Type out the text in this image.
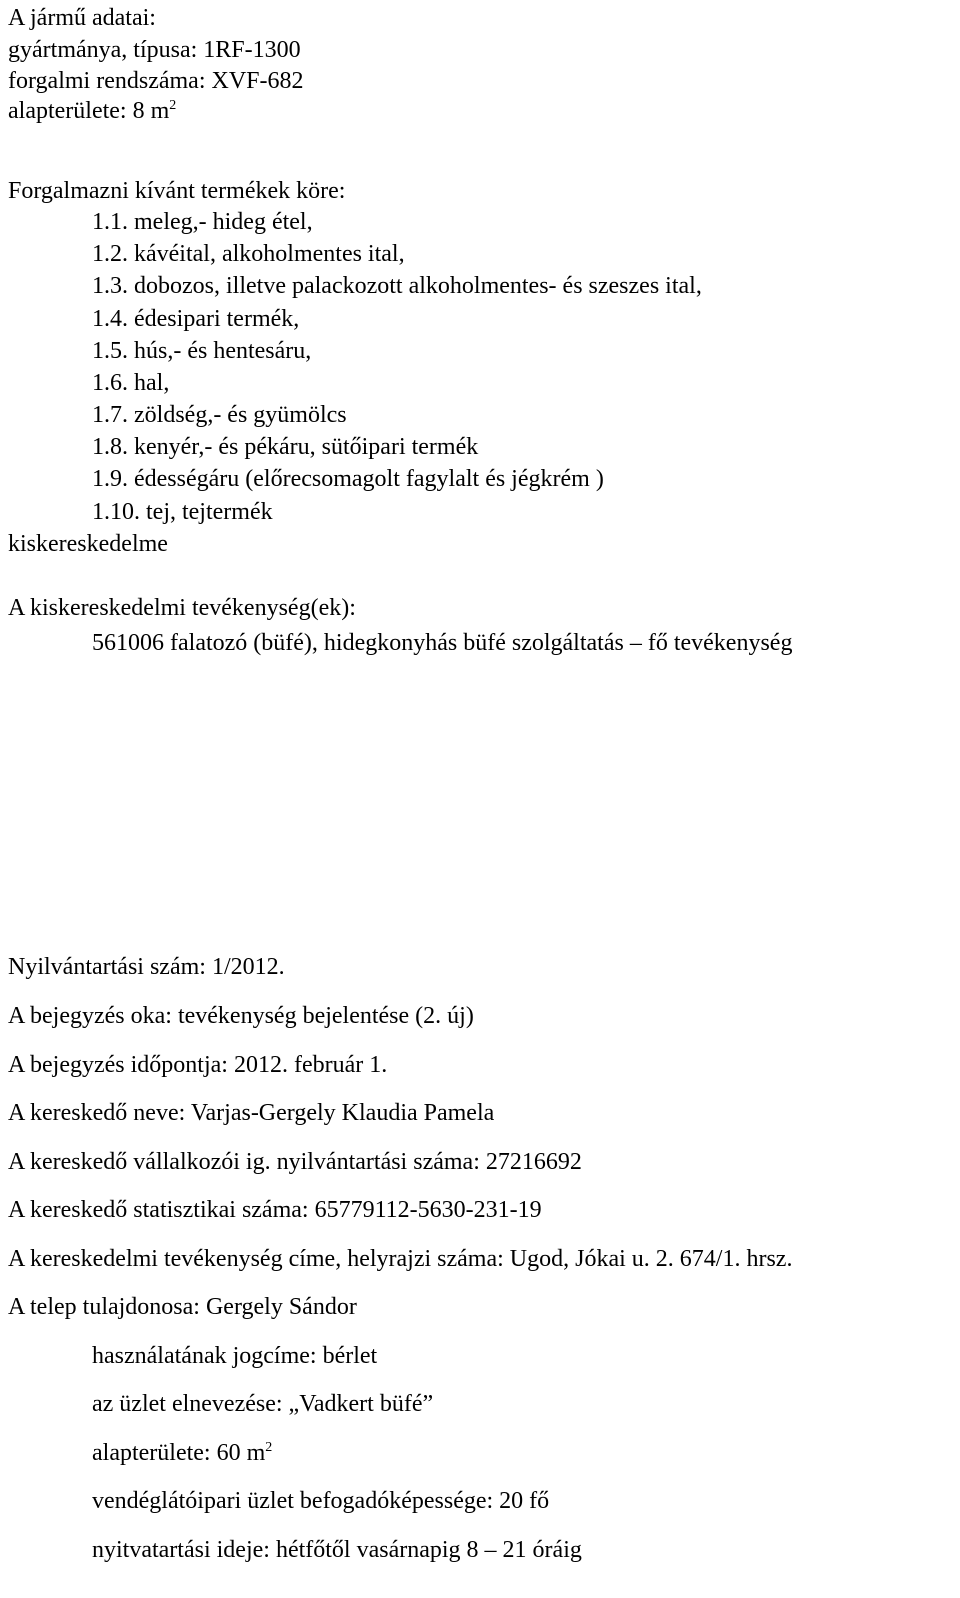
A jármű adatai:
gyártmánya, típusa: 1RF-1300
forgalmi rendszáma: XVF-682
alapterülete: 8 $m^2$
Forgalmazni kívánt termékek köre:
1.1. meleg,- hideg étel,
1.2. kávéital, alkoholmentes ital,
1.3. dobozos, illetve palackozott alkoholmentes- és szeszes ital,
1.4. édesipari termék,
1.5. hús,- és hentesáru,
1.6. hal,
1.7. zöldség,- és gyümölcs
1.8. kenyér,- és pékáru, sütőipari termék
1.9. édességáru (előrecsomagolt fagylalt és jégkrém )
1.10. tej, tejtermék
kiskereskedelme
A kiskereskedelmi tevékenység(ek):
561006 falatozó (büfé), hidegkonyhás büfé szolgáltatás – fő tevékenység
Nyilvántartási szám: 1/2012.
A bejegyzés oka: tevékenység bejelentése (2. új)
A bejegyzés időpontja: 2012. február 1.
A kereskedő neve: Varjas-Gergely Klaudia Pamela
A kereskedő vállalkozói ig. nyilvántartási száma: 27216692
A kereskedő statisztikai száma: 65779112-5630-231-19
A kereskedelmi tevékenység címe, helyrajzi száma: Ugod, Jókai u. 2. 674/1. hrsz.
A telep tulajdonosa: Gergely Sándor
használatának jogcíme: bérlet
az üzlet elnevezése: „Vadkert büfé”
alapterülete: 60 $m^2$
vendéglátóipari üzlet befogadóképessége: 20 fő
nyitvatartási ideje: hétfőtől vasárnapig 8 – 21 óráig
